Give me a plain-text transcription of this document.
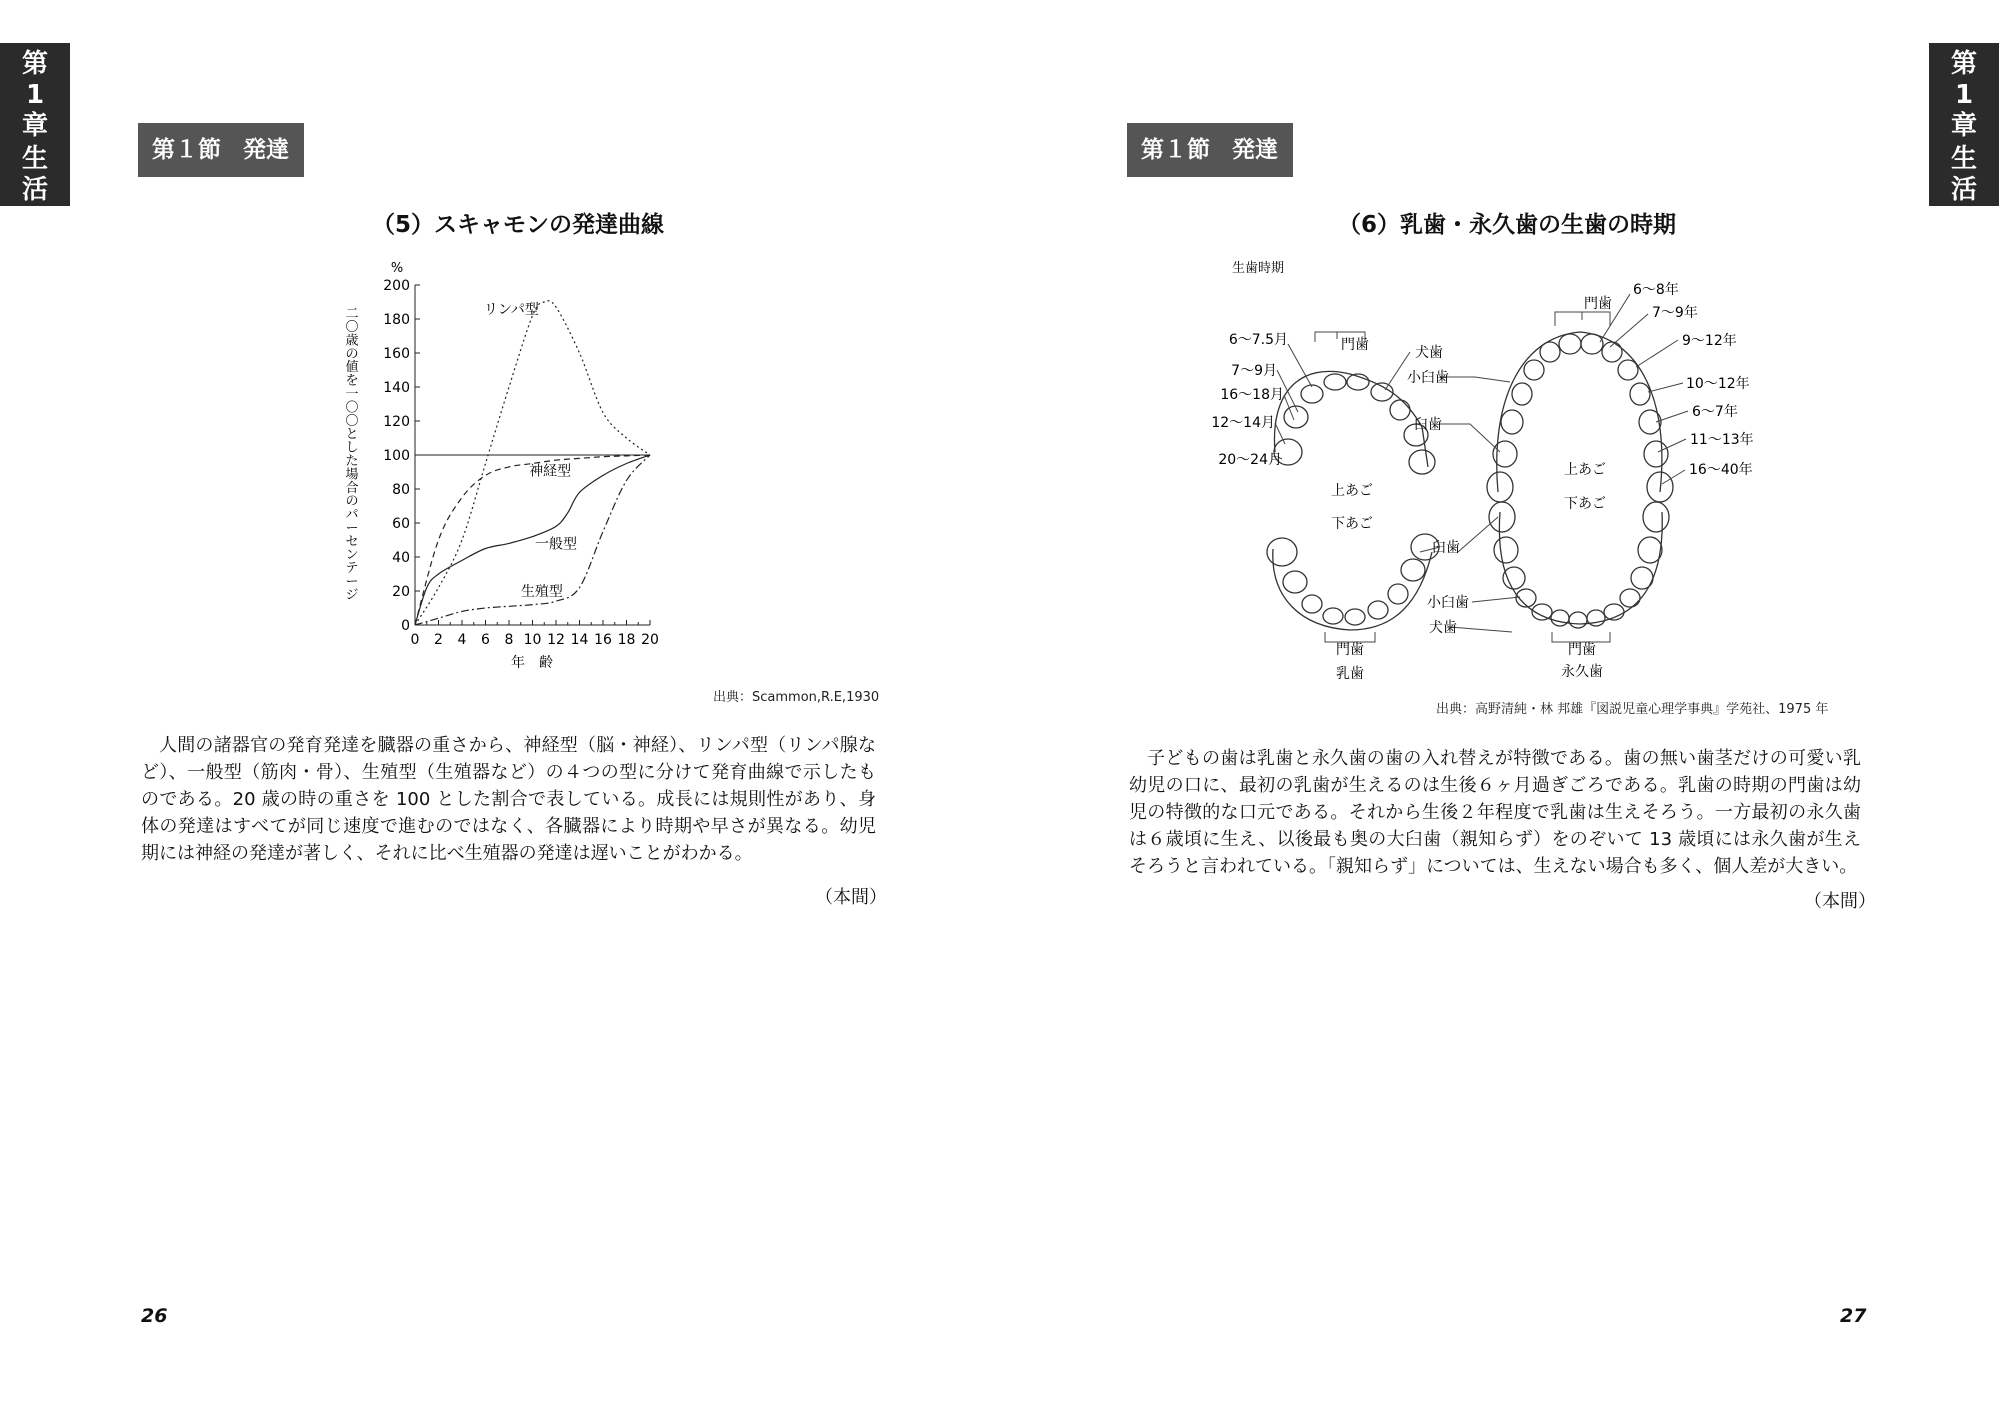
第
1
章
生
活
第１節 発達
（5）スキャモンの発達曲線
二
〇
歳
の
値
を
一
〇
〇
と
し
た
場
合
の
パ
ー
セ
ン
テ
ー
ジ
%
0
20
40
60
80
100
120
140
160
180
200
0 2 4 6 8 10 12 14 16 18 20
リンパ型
神経型
一般型
生殖型
年　齢
出典：Scammon,R.E,1930

人間の諸器官の発育発達を臓器の重さから、神経型（脳・神経）、リンパ型（リンパ腺など）、一般型（筋肉・骨）、生殖型（生殖器など）の４つの型に分けて発育曲線で示したものである。20 歳の時の重さを 100 とした割合で表している。成長には規則性があり、身体の発達はすべてが同じ速度で進むのではなく、各臓器により時期や早さが異なる。幼児期には神経の発達が著しく、それに比べ生殖器の発達は遅いことがわかる。

（本間）
26
第
1
章
生
活
第１節 発達
（6）乳歯・永久歯の生歯の時期
生歯時期
6〜7.5月
7〜9月
16〜18月
12〜14月
20〜24月
6〜8年
7〜9年
9〜12年
10〜12年
6〜7年
11〜13年
16〜40年
門歯
門歯
犬歯
小臼歯
臼歯
臼歯
小臼歯
犬歯
門歯	門歯
上あご
下あご
上あご
下あご
乳歯	永久歯
出典：高野清純・林 邦雄『図説児童心理学事典』学苑社、1975 年

子どもの歯は乳歯と永久歯の歯の入れ替えが特徴である。歯の無い歯茎だけの可愛い乳幼児の口に、最初の乳歯が生えるのは生後６ヶ月過ぎごろである。乳歯の時期の門歯は幼児の特徴的な口元である。それから生後２年程度で乳歯は生えそろう。一方最初の永久歯は６歳頃に生え、以後最も奥の大臼歯（親知らず）をのぞいて 13 歳頃には永久歯が生えそろうと言われている。「親知らず」については、生えない場合も多く、個人差が大きい。

（本間）
27
